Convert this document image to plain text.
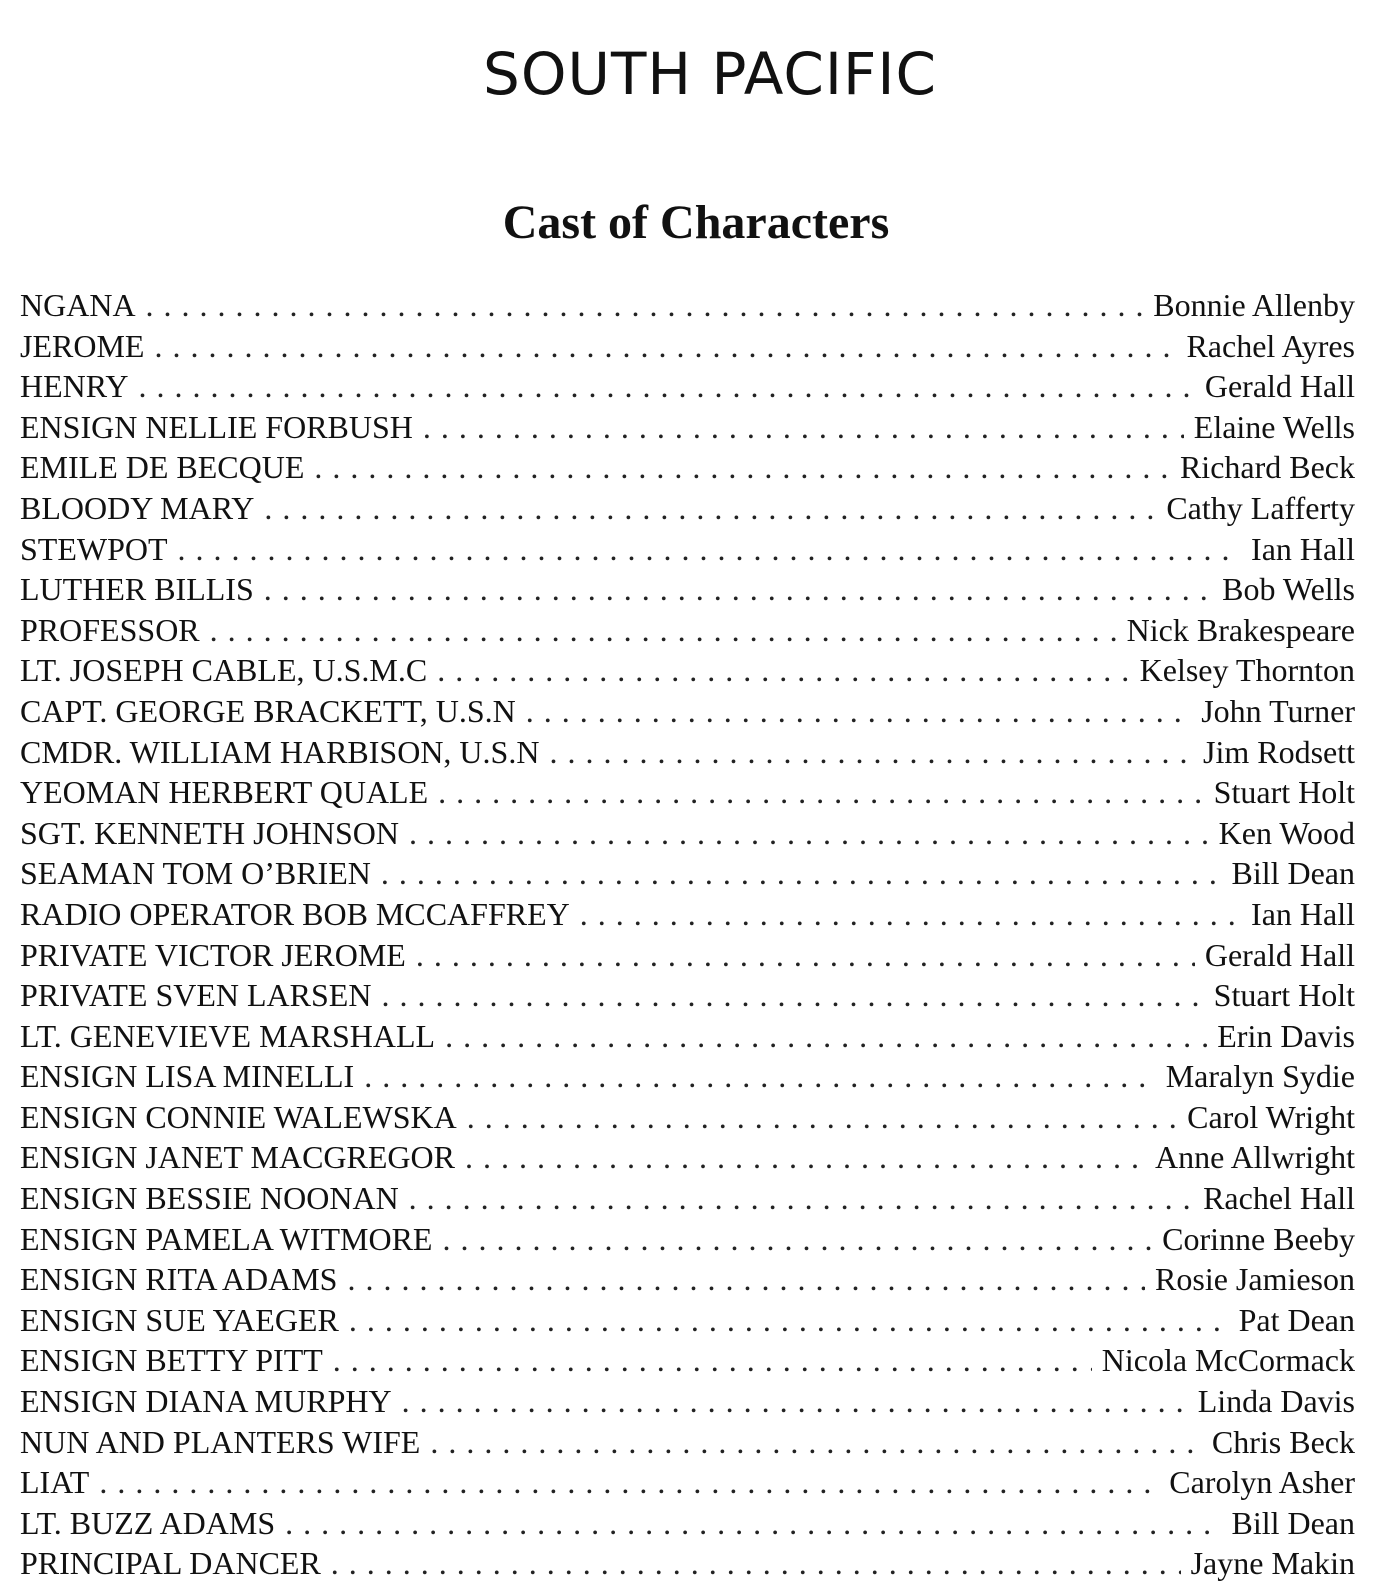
SOUTH PACIFIC
Cast of Characters
NGANA . . .	Bonnie Allenby
JEROME . . .	Rachel Ayres
HENRY . . .	Gerald Hall
ENSIGN NELLIE FORBUSH . . .	Elaine Wells
EMILE DE BECQUE . . .	Richard Beck
BLOODY MARY . . .	Cathy Lafferty
STEWPOT . . .	Ian Hall
LUTHER BILLIS . . .	Bob Wells
PROFESSOR . . .	Nick Brakespeare
LT. JOSEPH CABLE, U.S.M.C . . .	Kelsey Thornton
CAPT. GEORGE BRACKETT, U.S.N . . .	John Turner
CMDR. WILLIAM HARBISON, U.S.N . . .	Jim Rodsett
YEOMAN HERBERT QUALE . . .	Stuart Holt
SGT. KENNETH JOHNSON . . .	Ken Wood
SEAMAN TOM O’BRIEN . . .	Bill Dean
RADIO OPERATOR BOB MCCAFFREY . . .	Ian Hall
PRIVATE VICTOR JEROME . . .	Gerald Hall
PRIVATE SVEN LARSEN . . .	Stuart Holt
LT. GENEVIEVE MARSHALL . . .	Erin Davis
ENSIGN LISA MINELLI . . .	Maralyn Sydie
ENSIGN CONNIE WALEWSKA . . .	Carol Wright
ENSIGN JANET MACGREGOR . . .	Anne Allwright
ENSIGN BESSIE NOONAN . . .	Rachel Hall
ENSIGN PAMELA WITMORE . . .	Corinne Beeby
ENSIGN RITA ADAMS . . .	Rosie Jamieson
ENSIGN SUE YAEGER . . .	Pat Dean
ENSIGN BETTY PITT . . .	Nicola McCormack
ENSIGN DIANA MURPHY . . .	Linda Davis
NUN AND PLANTERS WIFE . . .	Chris Beck
LIAT . . .	Carolyn Asher
LT. BUZZ ADAMS . . .	Bill Dean
PRINCIPAL DANCER . . .	Jayne Makin
